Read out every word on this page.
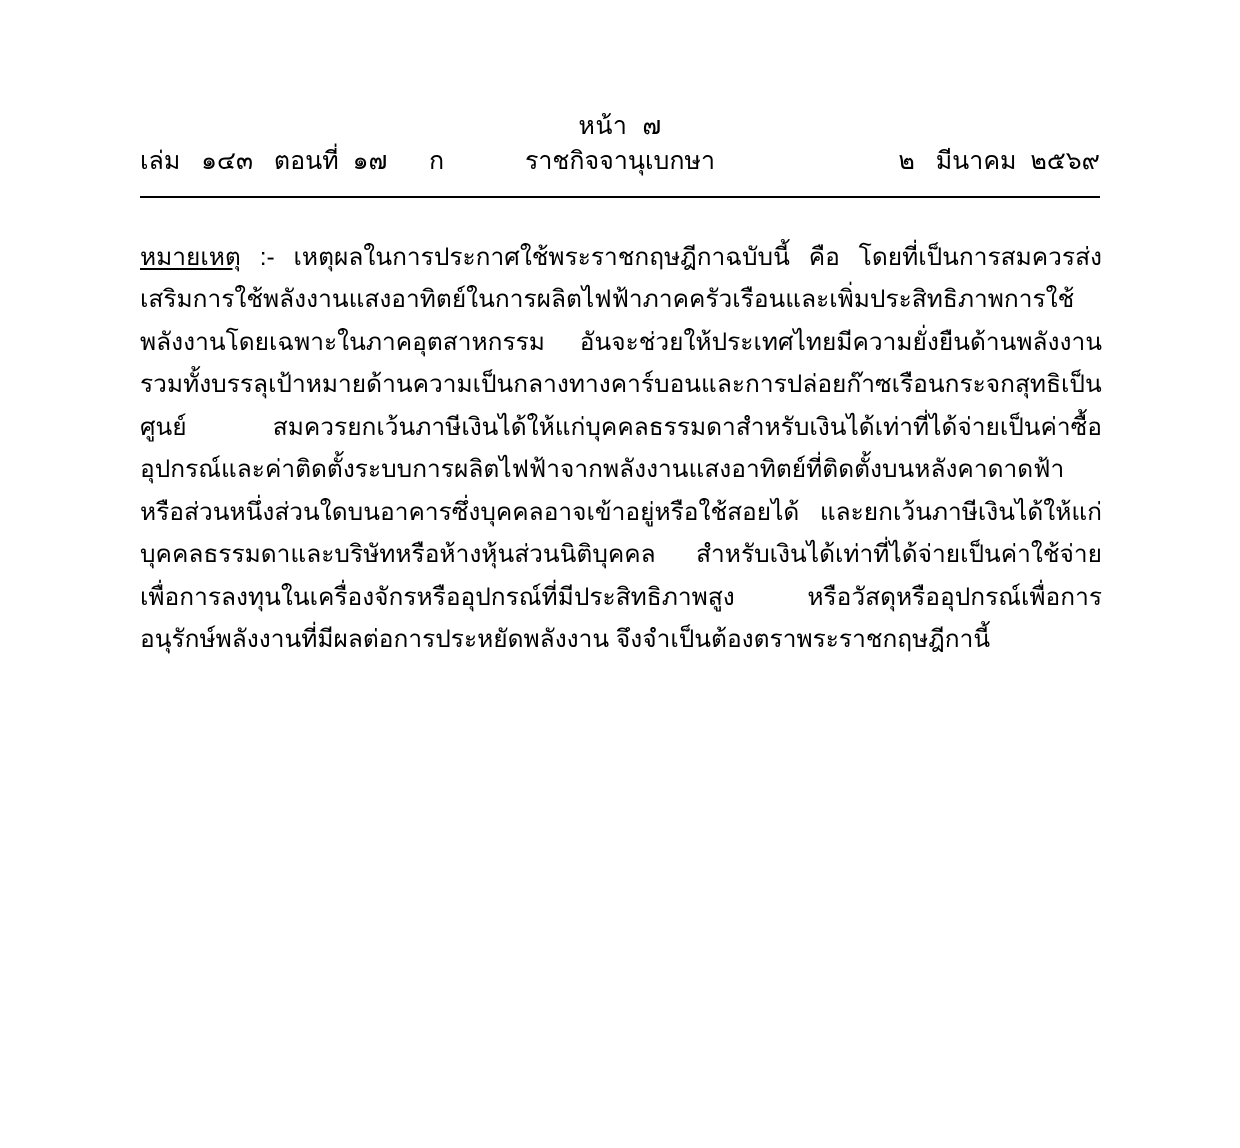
หน้า  ๗
เล่ม   ๑๔๓   ตอนที่  ๑๗      ก	ราชกิจจานุเบกษา	๒   มีนาคม  ๒๕๖๙

หมายเหตุ :- เหตุผลในการประกาศใช้พระราชกฤษฎีกาฉบับนี้ คือ โดยที่เป็นการสมควรส่งเสริมการใช้พลังงานแสงอาทิตย์ในการผลิตไฟฟ้าภาคครัวเรือนและเพิ่มประสิทธิภาพการใช้พลังงานโดยเฉพาะในภาคอุตสาหกรรม อันจะช่วยให้ประเทศไทยมีความยั่งยืนด้านพลังงาน รวมทั้งบรรลุเป้าหมายด้านความเป็นกลางทางคาร์บอนและการปล่อยก๊าซเรือนกระจกสุทธิเป็นศูนย์ สมควรยกเว้นภาษีเงินได้ให้แก่บุคคลธรรมดาสำหรับเงินได้เท่าที่ได้จ่ายเป็นค่าซื้ออุปกรณ์และค่าติดตั้งระบบการผลิตไฟฟ้าจากพลังงานแสงอาทิตย์ที่ติดตั้งบนหลังคาดาดฟ้า หรือส่วนหนึ่งส่วนใดบนอาคารซึ่งบุคคลอาจเข้าอยู่หรือใช้สอยได้ และยกเว้นภาษีเงินได้ให้แก่บุคคลธรรมดาและบริษัทหรือห้างหุ้นส่วนนิติบุคคล สำหรับเงินได้เท่าที่ได้จ่ายเป็นค่าใช้จ่ายเพื่อการลงทุนในเครื่องจักรหรืออุปกรณ์ที่มีประสิทธิภาพสูง หรือวัสดุหรืออุปกรณ์เพื่อการอนุรักษ์พลังงานที่มีผลต่อการประหยัดพลังงาน จึงจำเป็นต้องตราพระราชกฤษฎีกานี้
